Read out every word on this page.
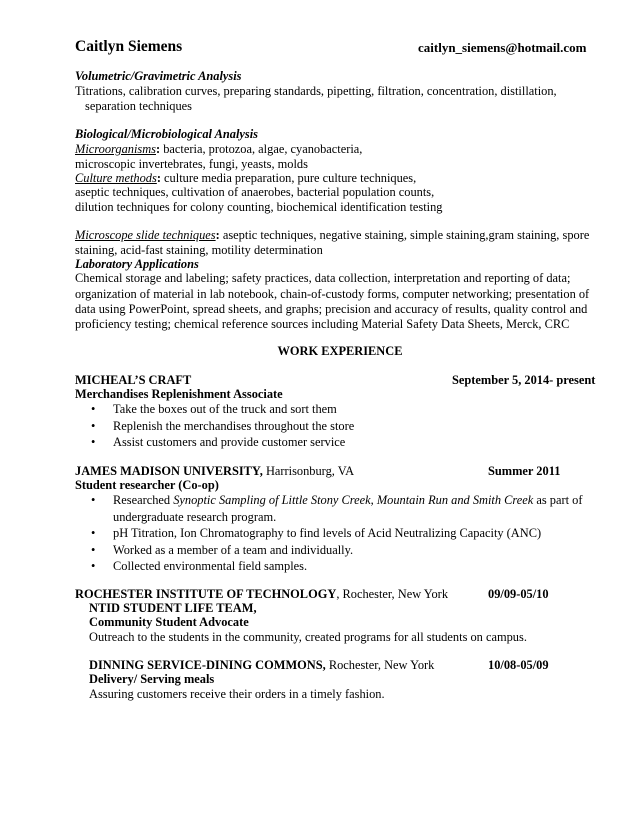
Caitlyn Siemens	caitlyn_siemens@hotmail.com
Volumetric/Gravimetric Analysis
Titrations, calibration curves, preparing standards, pipetting, filtration, concentration, distillation,
separation techniques
Biological/Microbiological Analysis
Microorganisms: bacteria, protozoa, algae, cyanobacteria,
microscopic invertebrates, fungi, yeasts, molds
Culture methods: culture media preparation, pure culture techniques,
aseptic techniques, cultivation of anaerobes, bacterial population counts,
dilution techniques for colony counting, biochemical identification testing
Microscope slide techniques: aseptic techniques, negative staining, simple staining,gram staining, spore
staining, acid-fast staining, motility determination
Laboratory Applications
Chemical storage and labeling; safety practices, data collection, interpretation and reporting of data;
organization of material in lab notebook, chain-of-custody forms, computer networking; presentation of
data using PowerPoint, spread sheets, and graphs; precision and accuracy of results, quality control and
proficiency testing; chemical reference sources including Material Safety Data Sheets, Merck, CRC
WORK EXPERIENCE
MICHEAL’S CRAFT	September 5, 2014- present
Merchandises Replenishment Associate
• Take the boxes out of the truck and sort them
• Replenish the merchandises throughout the store
• Assist customers and provide customer service
JAMES MADISON UNIVERSITY, Harrisonburg, VA	Summer 2011
Student researcher (Co-op)
• Researched Synoptic Sampling of Little Stony Creek, Mountain Run and Smith Creek as part of
undergraduate research program.
• pH Titration, Ion Chromatography to find levels of Acid Neutralizing Capacity (ANC)
• Worked as a member of a team and individually.
• Collected environmental field samples.
ROCHESTER INSTITUTE OF TECHNOLOGY, Rochester, New York	09/09-05/10
NTID STUDENT LIFE TEAM,
Community Student Advocate
Outreach to the students in the community, created programs for all students on campus.
DINNING SERVICE-DINING COMMONS, Rochester, New York	10/08-05/09
Delivery/ Serving meals
Assuring customers receive their orders in a timely fashion.
